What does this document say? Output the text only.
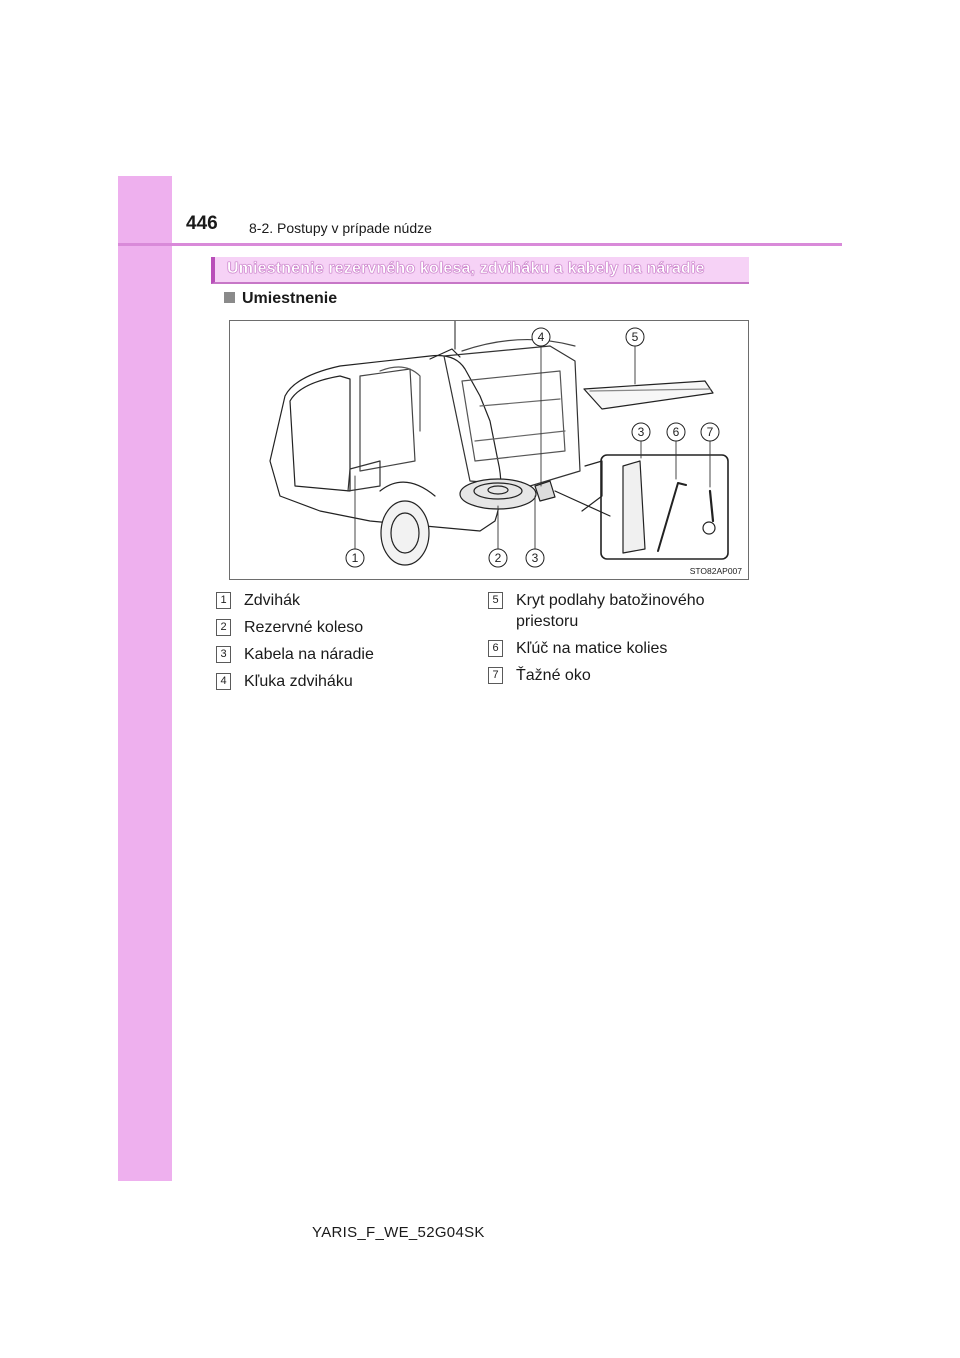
446 8-2. Postupy v prípade núdze
Umiestnenie rezervného kolesa, zdviháku a kabely na náradie
Umiestnenie
1	2	3
3
4	5
6 7
STO82AP007
1 Zdvihák
2 Rezervné koleso
3 Kabela na náradie
4 Kľuka zdviháku
5 Kryt podlahy batožinového priestoru
6 Kľúč na matice kolies
7 Ťažné oko
YARIS_F_WE_52G04SK
